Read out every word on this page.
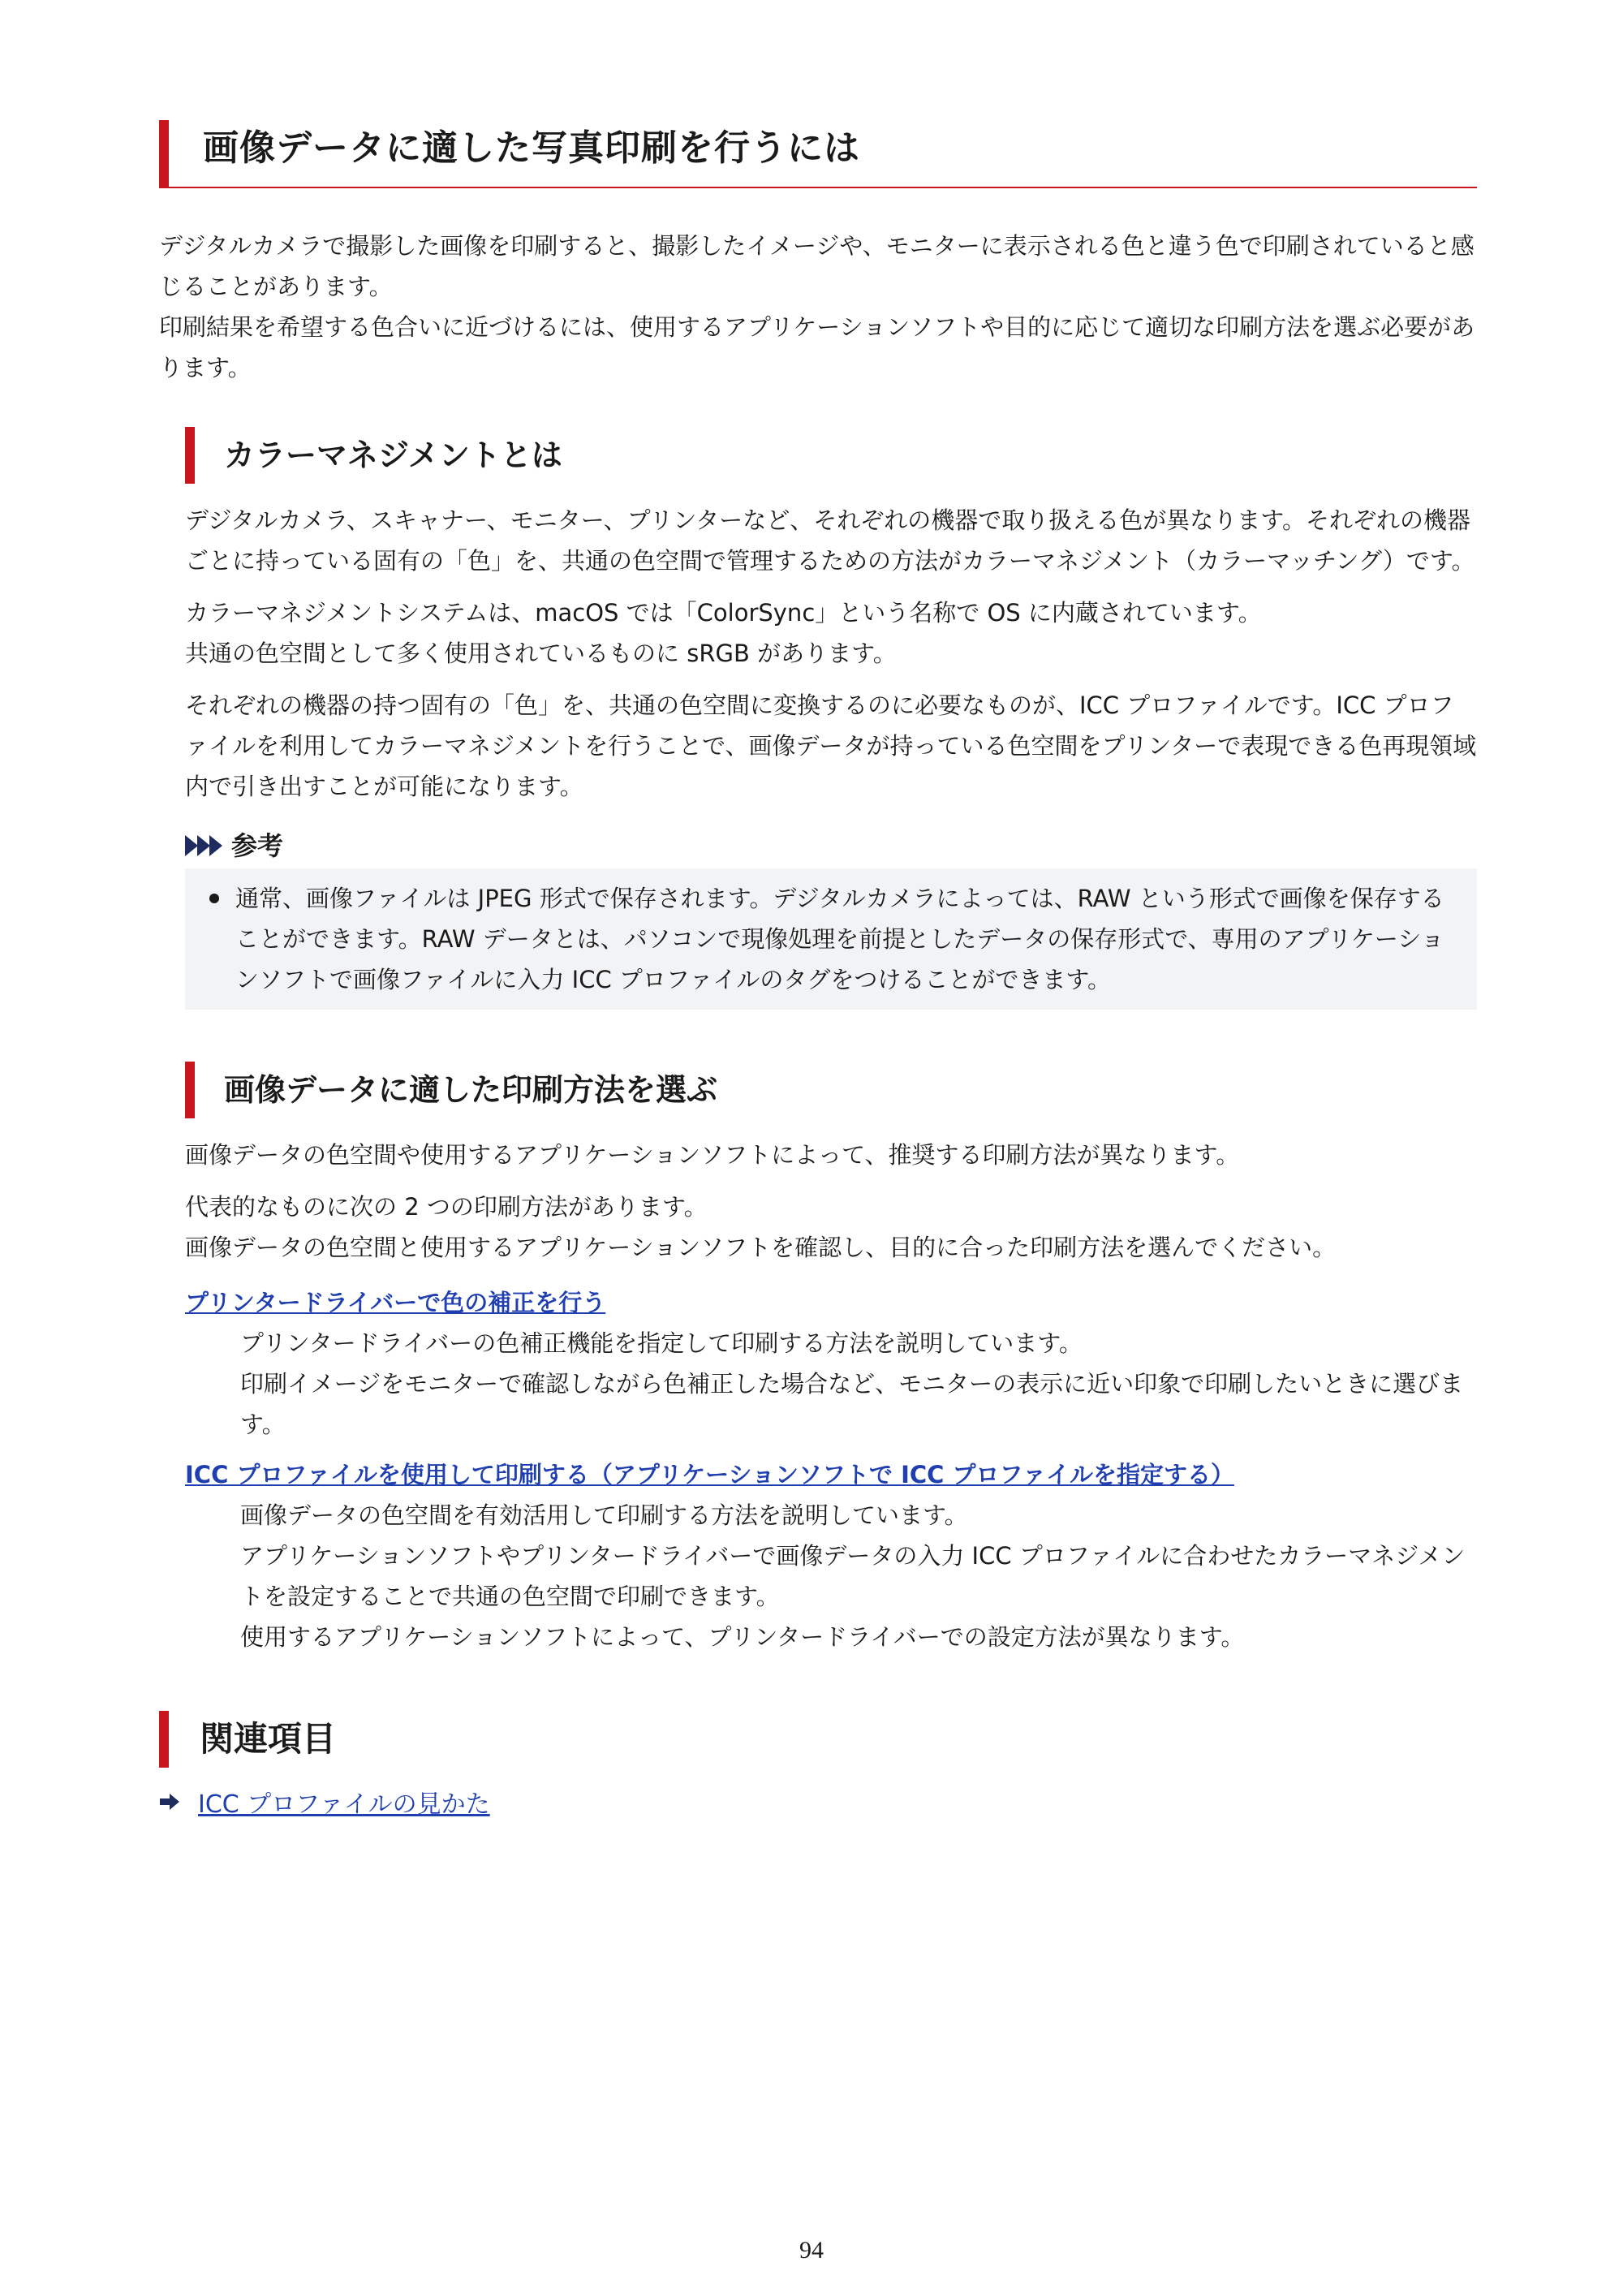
画像データに適した写真印刷を行うには

デジタルカメラで撮影した画像を印刷すると、撮影したイメージや、モニターに表示される色と違う色で印刷されていると感じることがあります。

印刷結果を希望する色合いに近づけるには、使用するアプリケーションソフトや目的に応じて適切な印刷方法を選ぶ必要があります。

カラーマネジメントとは

デジタルカメラ、スキャナー、モニター、プリンターなど、それぞれの機器で取り扱える色が異なります。それぞれの機器ごとに持っている固有の「色」を、共通の色空間で管理するための方法がカラーマネジメント（カラーマッチング）です。

カラーマネジメントシステムは、macOS では「ColorSync」という名称で OS に内蔵されています。

共通の色空間として多く使用されているものに sRGB があります。

それぞれの機器の持つ固有の「色」を、共通の色空間に変換するのに必要なものが、ICC プロファイルです。ICC プロファイルを利用してカラーマネジメントを行うことで、画像データが持っている色空間をプリンターで表現できる色再現領域内で引き出すことが可能になります。

参考

通常、画像ファイルは JPEG 形式で保存されます。デジタルカメラによっては、RAW という形式で画像を保存することができます。RAW データとは、パソコンで現像処理を前提としたデータの保存形式で、専用のアプリケーションソフトで画像ファイルに入力 ICC プロファイルのタグをつけることができます。

画像データに適した印刷方法を選ぶ

画像データの色空間や使用するアプリケーションソフトによって、推奨する印刷方法が異なります。

代表的なものに次の 2 つの印刷方法があります。

画像データの色空間と使用するアプリケーションソフトを確認し、目的に合った印刷方法を選んでください。

プリンタードライバーで色の補正を行う

プリンタードライバーの色補正機能を指定して印刷する方法を説明しています。

印刷イメージをモニターで確認しながら色補正した場合など、モニターの表示に近い印象で印刷したいときに選びます。

ICC プロファイルを使用して印刷する（アプリケーションソフトで ICC プロファイルを指定する）

画像データの色空間を有効活用して印刷する方法を説明しています。

アプリケーションソフトやプリンタードライバーで画像データの入力 ICC プロファイルに合わせたカラーマネジメントを設定することで共通の色空間で印刷できます。

使用するアプリケーションソフトによって、プリンタードライバーでの設定方法が異なります。

関連項目
ICC プロファイルの見かた
94
